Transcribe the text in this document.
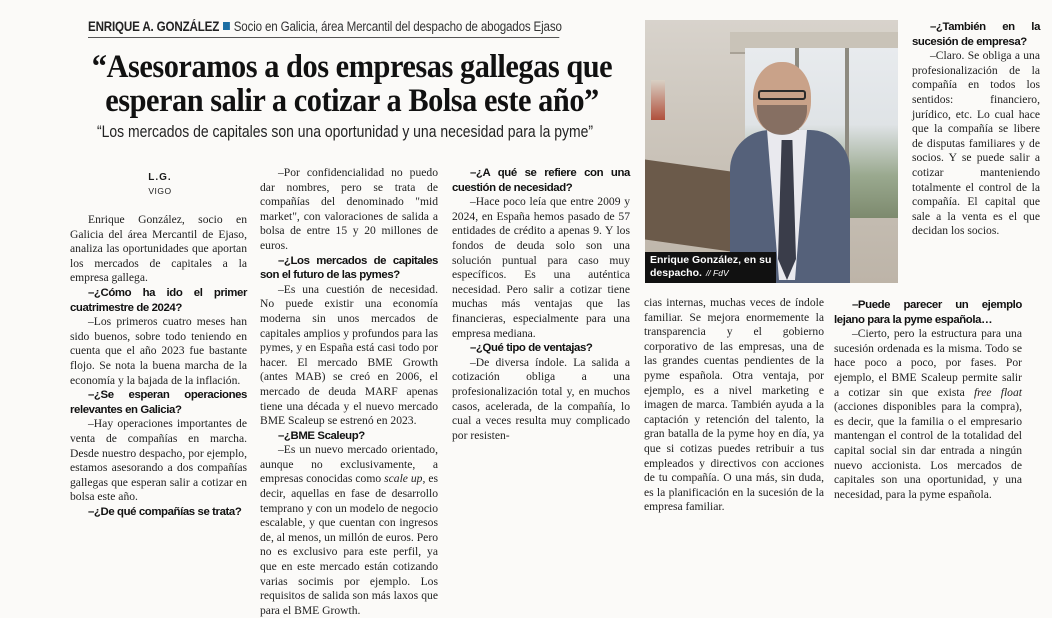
ENRIQUE A. GONZÁLEZ Socio en Galicia, área Mercantil del despacho de abogados Ejaso
“Asesoramos a dos empresas gallegas que esperan salir a cotizar a Bolsa este año”
“Los mercados de capitales son una oportunidad y una necesidad para la pyme”
L.G.
VIGO

Enrique González, socio en Galicia del área Mercantil de Ejaso, analiza las oportunidades que aportan los mercados de capitales a la empresa gallega.

–¿Cómo ha ido el primer cuatrimestre de 2024?

–Los primeros cuatro meses han sido buenos, sobre todo teniendo en cuenta que el año 2023 fue bastante flojo. Se nota la buena marcha de la economía y la bajada de la inflación.

–¿Se esperan operaciones relevantes en Galicia?

–Hay operaciones importantes de venta de compañías en marcha. Desde nuestro despacho, por ejemplo, estamos asesorando a dos compañías gallegas que esperan salir a cotizar en bolsa este año.

–¿De qué compañías se trata?

–Por confidencialidad no puedo dar nombres, pero se trata de compañías del denominado "mid market", con valoraciones de salida a bolsa de entre 15 y 20 millones de euros.

–¿Los mercados de capitales son el futuro de las pymes?

–Es una cuestión de necesidad. No puede existir una economía moderna sin unos mercados de capitales amplios y profundos para las pymes, y en España está casi todo por hacer. El mercado BME Growth (antes MAB) se creó en 2006, el mercado de deuda MARF apenas tiene una década y el nuevo mercado BME Scaleup se estrenó en 2023.

–¿BME Scaleup?

–Es un nuevo mercado orientado, aunque no exclusivamente, a empresas conocidas como scale up, es decir, aquellas en fase de desarrollo temprano y con un modelo de negocio escalable, y que cuentan con ingresos de, al menos, un millón de euros. Pero no es exclusivo para este perfil, ya que en este mercado están cotizando varias socimis por ejemplo. Los requisitos de salida son más laxos que para el BME Growth.

–¿A qué se refiere con una cuestión de necesidad?

–Hace poco leía que entre 2009 y 2024, en España hemos pasado de 57 entidades de crédito a apenas 9. Y los fondos de deuda solo son una solución puntual para caso muy específicos. Es una auténtica necesidad. Pero salir a cotizar tiene muchas más ventajas que las financieras, especialmente para una empresa mediana.

–¿Qué tipo de ventajas?

–De diversa índole. La salida a cotización obliga a una profesionalización total y, en muchos casos, acelerada, de la compañía, lo cual a veces resulta muy complicado por resisten-

Enrique González, en su
despacho. // FdV

–¿También en la sucesión de empresa?

–Claro. Se obliga a una profesionalización de la compañía en todos los sentidos: financiero, jurídico, etc. Lo cual hace que la compañía se libere de disputas familiares y de socios. Y se puede salir a cotizar manteniendo totalmente el control de la compañía. El capital que sale a la venta es el que decidan los socios.

cias internas, muchas veces de índole familiar. Se mejora enormemente la transparencia y el gobierno corporativo de las empresas, una de las grandes cuentas pendientes de la pyme española. Otra ventaja, por ejemplo, es a nivel marketing e imagen de marca. También ayuda a la captación y retención del talento, la gran batalla de la pyme hoy en día, ya que si cotizas puedes retribuir a tus empleados y directivos con acciones de tu compañía. O una más, sin duda, es la planificación en la sucesión de la empresa familiar.

–Puede parecer un ejemplo lejano para la pyme española…

–Cierto, pero la estructura para una sucesión ordenada es la misma. Todo se hace poco a poco, por fases. Por ejemplo, el BME Scaleup permite salir a cotizar sin que exista free float (acciones disponibles para la compra), es decir, que la familia o el empresario mantengan el control de la totalidad del capital social sin dar entrada a ningún nuevo accionista. Los mercados de capitales son una oportunidad, y una necesidad, para la pyme española.
